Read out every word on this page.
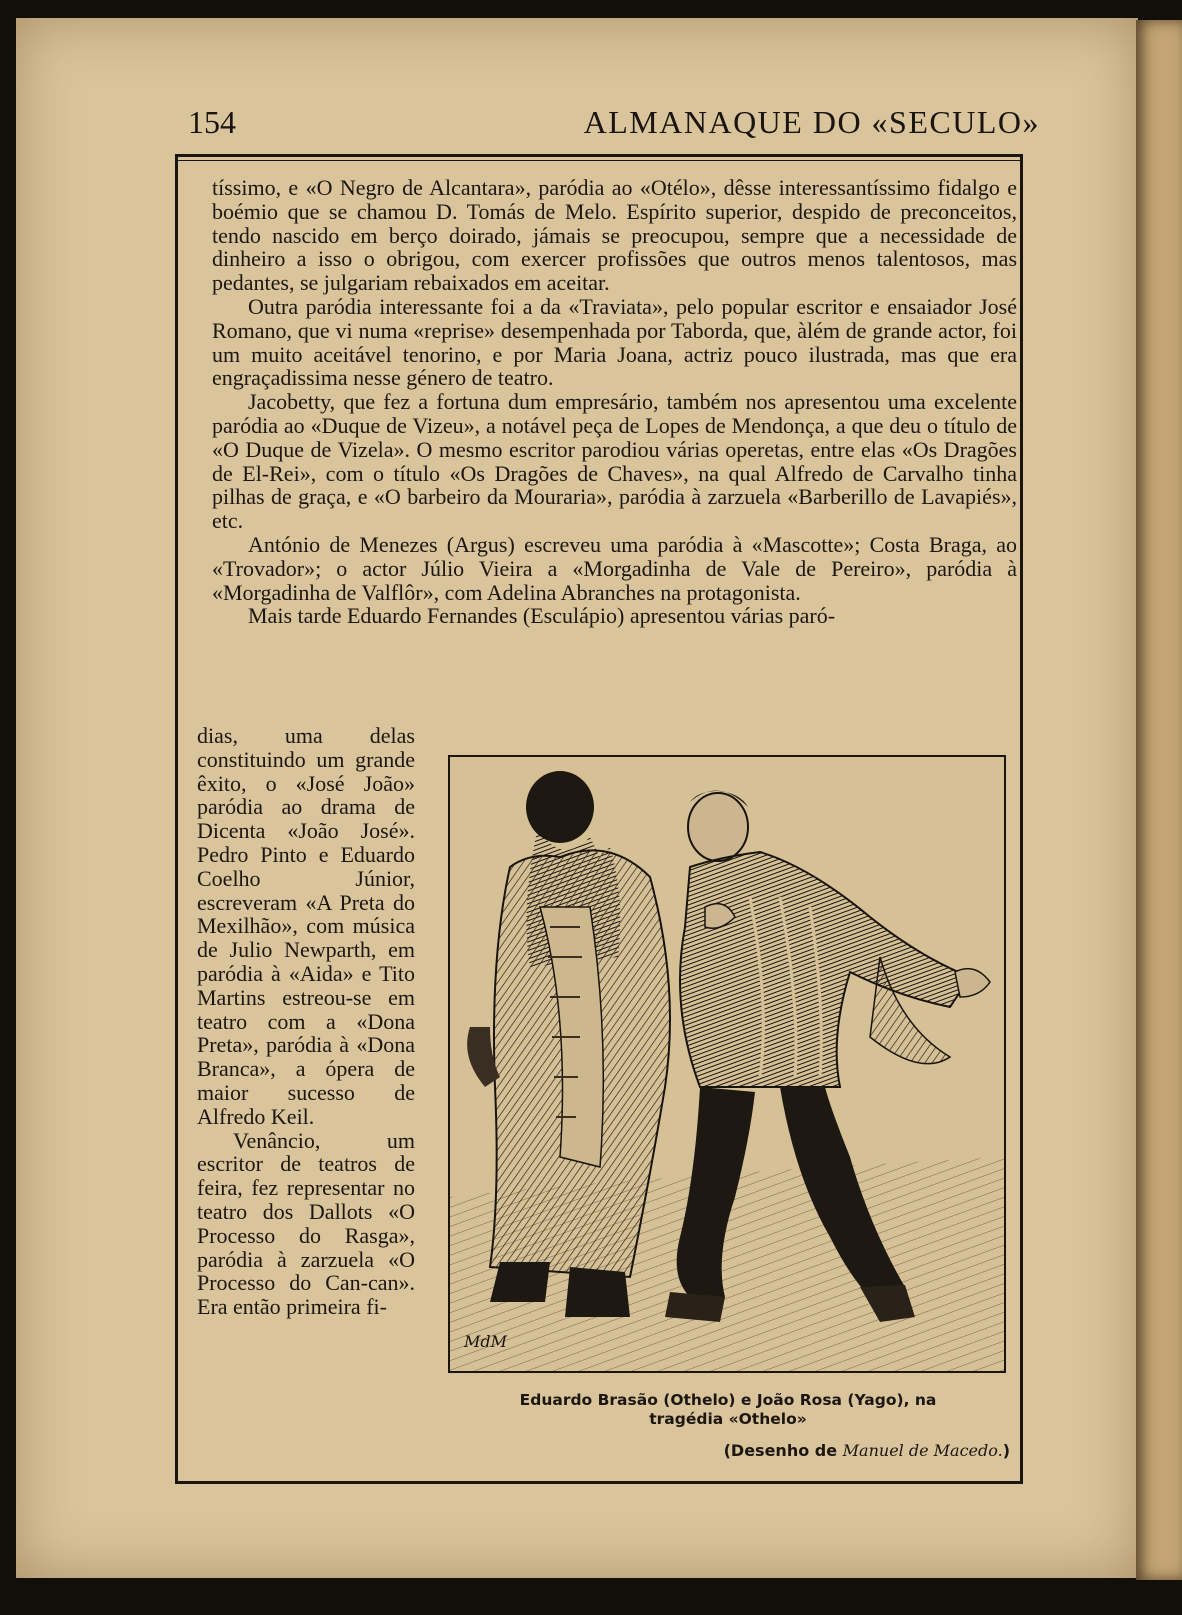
154	ALMANAQUE DO «SECULO»

tíssimo, e «O Negro de Alcantara», paródia ao «Otélo», dêsse interessantíssimo fidalgo e boémio que se chamou D. Tomás de Melo. Espírito superior, despido de preconceitos, tendo nascido em berço doirado, jámais se preocupou, sempre que a necessidade de dinheiro a isso o obrigou, com exercer profissões que outros menos talentosos, mas pedantes, se julgariam rebaixados em aceitar.

Outra paródia interessante foi a da «Traviata», pelo popular escritor e ensaiador José Romano, que vi numa «reprise» desempenhada por Taborda, que, àlém de grande actor, foi um muito aceitável tenorino, e por Maria Joana, actriz pouco ilustrada, mas que era engraçadissima nesse género de teatro.

Jacobetty, que fez a fortuna dum empresário, também nos apresentou uma excelente paródia ao «Duque de Vizeu», a notável peça de Lopes de Mendonça, a que deu o título de «O Duque de Vizela». O mesmo escritor parodiou várias operetas, entre elas «Os Dragões de El-Rei», com o título «Os Dragões de Chaves», na qual Alfredo de Carvalho tinha pilhas de graça, e «O barbeiro da Mouraria», paródia à zarzuela «Barberillo de Lavapiés», etc.

António de Menezes (Argus) escreveu uma paródia à «Mascotte»; Costa Braga, ao «Trovador»; o actor Júlio Vieira a «Morgadinha de Vale de Pereiro», paródia à «Morgadinha de Valflôr», com Adelina Abranches na protagonista.

Mais tarde Eduardo Fernandes (Esculápio) apresentou várias paró-

dias, uma delas constituindo um grande êxito, o «José João» paródia ao drama de Dicenta «João José». Pedro Pinto e Eduardo Coelho Júnior, escreveram «A Preta do Mexilhão», com música de Julio Newparth, em paródia à «Aida» e Tito Martins estreou-se em teatro com a «Dona Preta», paródia à «Dona Branca», a ópera de maior sucesso de Alfredo Keil.

Venâncio, um escritor de teatros de feira, fez representar no teatro dos Dallots «O Processo do Rasga», paródia à zarzuela «O Processo do Can-can». Era então primeira fi-

MdM
Eduardo Brasão (Othelo) e João Rosa (Yago), na
tragédia «Othelo»
(Desenho de Manuel de Macedo.)
